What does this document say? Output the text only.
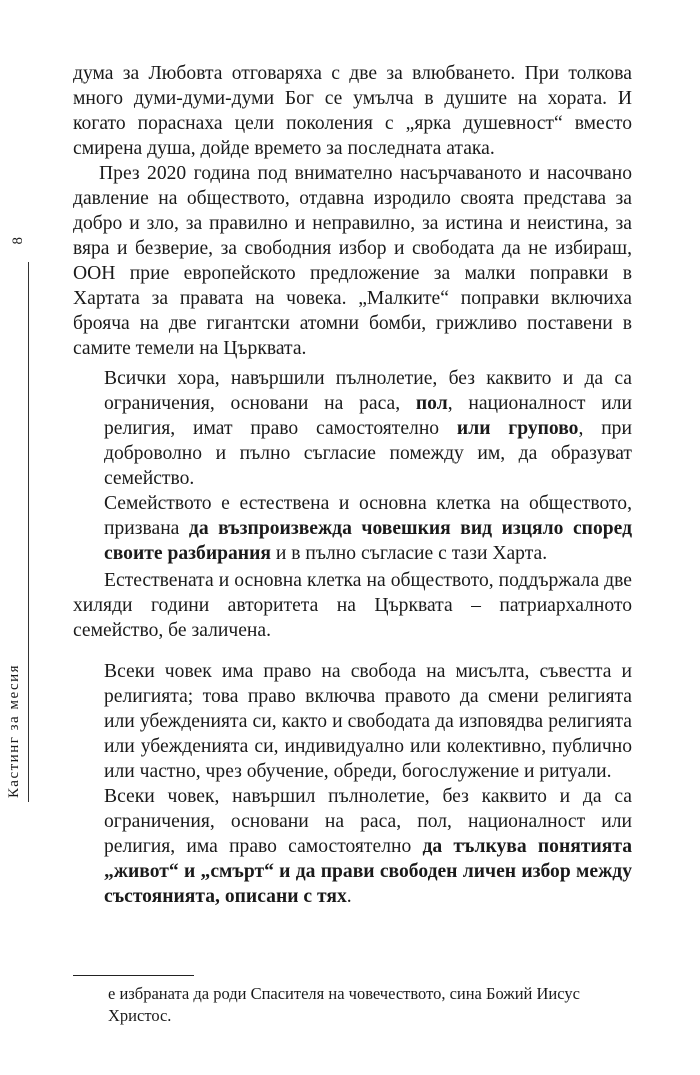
8
Кастинг за месия

дума за Любовта отговаряха с две за влюбването. При толкова много думи-думи-думи Бог се умълча в душите на хората. И когато пораснаха цели поколения с „ярка душевност“ вместо смирена душа, дойде времето за последната атака.

През 2020 година под внимателно насърчаваното и насочвано давление на обществото, отдавна изродило своята представа за добро и зло, за правилно и неправилно, за истина и неистина, за вяра и безверие, за свободния избор и свободата да не избираш, ООН прие европейското предложение за малки поправки в Хартата за правата на човека. „Малките“ поправки включиха брояча на две гигантски атомни бомби, грижливо поставени в самите темели на Църквата.

Всички хора, навършили пълнолетие, без каквито и да са ограничения, основани на раса, пол, националност или религия, имат право самостоятелно или групово, при доброволно и пълно съгласие помежду им, да образуват семейство.

Семейството е естествена и основна клетка на обществото, призвана да възпроизвежда човешкия вид изцяло според своите разбирания и в пълно съгласие с тази Харта.

Естествената и основна клетка на обществото, поддържала две хиляди години авторитета на Църквата – патриархалното семейство, бе заличена.

Всеки човек има право на свобода на мисълта, съвестта и религията; това право включва правото да смени религията или убежденията си, както и свободата да изповядва религията или убежденията си, индивидуално или колективно, публично или частно, чрез обучение, обреди, богослужение и ритуали.

Всеки човек, навършил пълнолетие, без каквито и да са ограничения, основани на раса, пол, националност или религия, има право самостоятелно да тълкува понятията „живот“ и „смърт“ и да прави свободен личен избор между състоянията, описани с тях.

е избраната да роди Спасителя на човечеството, сина Божий Иисус Христос.
